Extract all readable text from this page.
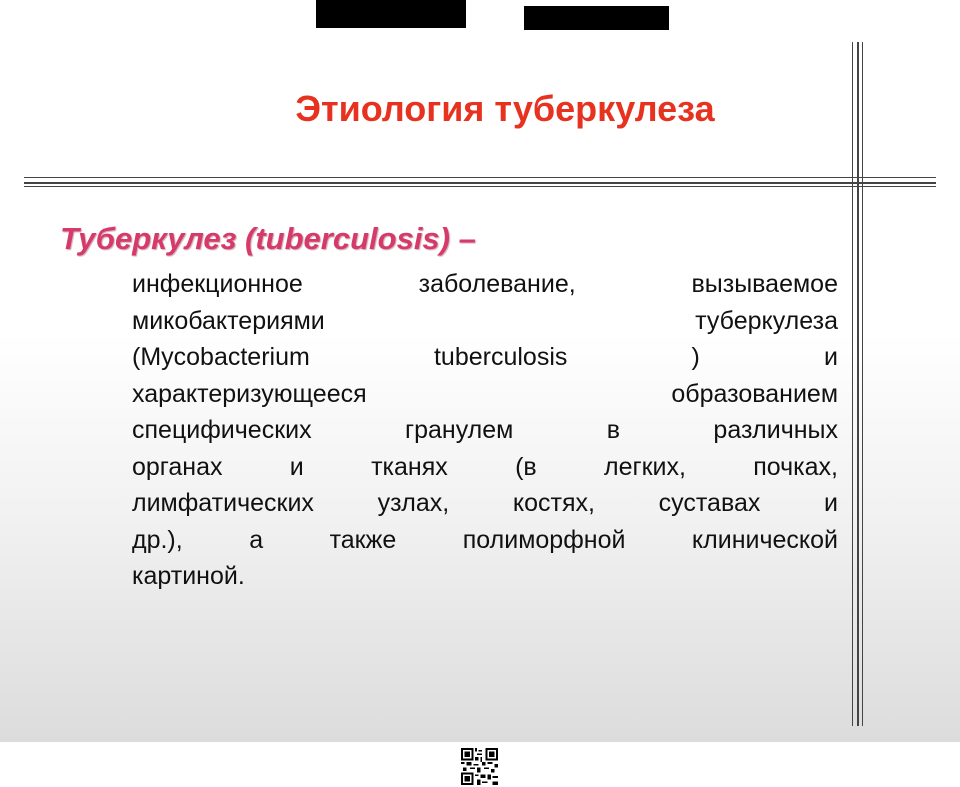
Этиология туберкулеза
Туберкулез (tuberculosis) –

инфекционное заболевание, вызываемое
микобактериями туберкулеза
(Mycobacterium tuberculosis ) и
характеризующееся образованием
специфических гранулем в различных
органах и тканях (в легких, почках,
лимфатических узлах, костях, суставах и
др.), а также полиморфной клинической
картиной.
